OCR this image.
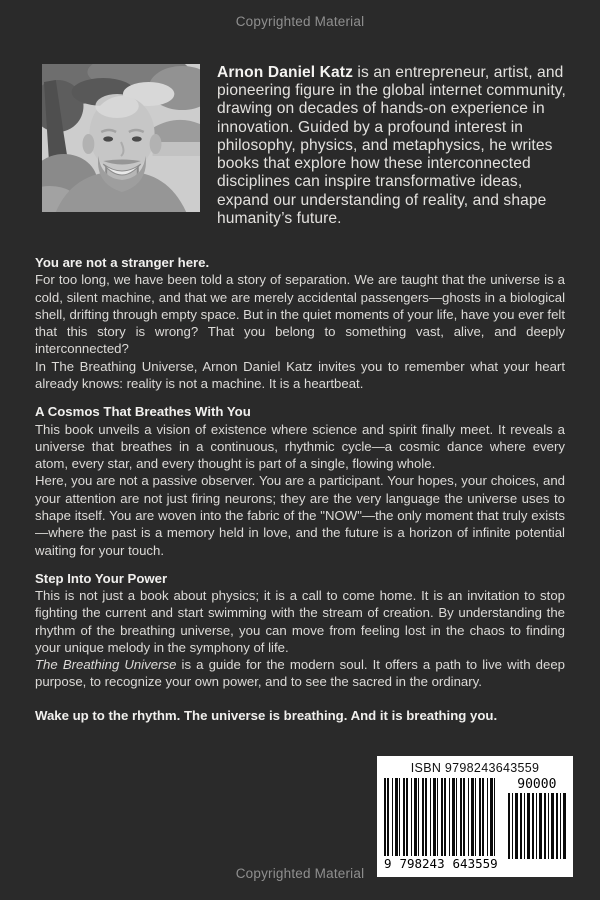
Copyrighted Material

Arnon Daniel Katz is an entrepreneur, artist, and pioneering figure in the global internet community, drawing on decades of hands-on experience in innovation. Guided by a profound interest in philosophy, physics, and metaphysics, he writes books that explore how these interconnected disciplines can inspire transformative ideas, expand our understanding of reality, and shape humanity’s future.

You are not a stranger here.

For too long, we have been told a story of separation. We are taught that the universe is a cold, silent machine, and that we are merely accidental passengers—ghosts in a biological shell, drifting through empty space. But in the quiet moments of your life, have you ever felt that this story is wrong? That you belong to something vast, alive, and deeply interconnected?

In The Breathing Universe, Arnon Daniel Katz invites you to remember what your heart already knows: reality is not a machine. It is a heartbeat.

A Cosmos That Breathes With You

This book unveils a vision of existence where science and spirit finally meet. It reveals a universe that breathes in a continuous, rhythmic cycle—a cosmic dance where every atom, every star, and every thought is part of a single, flowing whole.

Here, you are not a passive observer. You are a participant. Your hopes, your choices, and your attention are not just firing neurons; they are the very language the universe uses to shape itself. You are woven into the fabric of the "NOW"—the only moment that truly exists—where the past is a memory held in love, and the future is a horizon of infinite potential waiting for your touch.

Step Into Your Power

This is not just a book about physics; it is a call to come home. It is an invitation to stop fighting the current and start swimming with the stream of creation. By understanding the rhythm of the breathing universe, you can move from feeling lost in the chaos to finding your unique melody in the symphony of life.

The Breathing Universe is a guide for the modern soul. It offers a path to live with deep purpose, to recognize your own power, and to see the sacred in the ordinary.

Wake up to the rhythm. The universe is breathing. And it is breathing you.
ISBN 9798243643559
9 798243 643559
90000
Copyrighted Material
